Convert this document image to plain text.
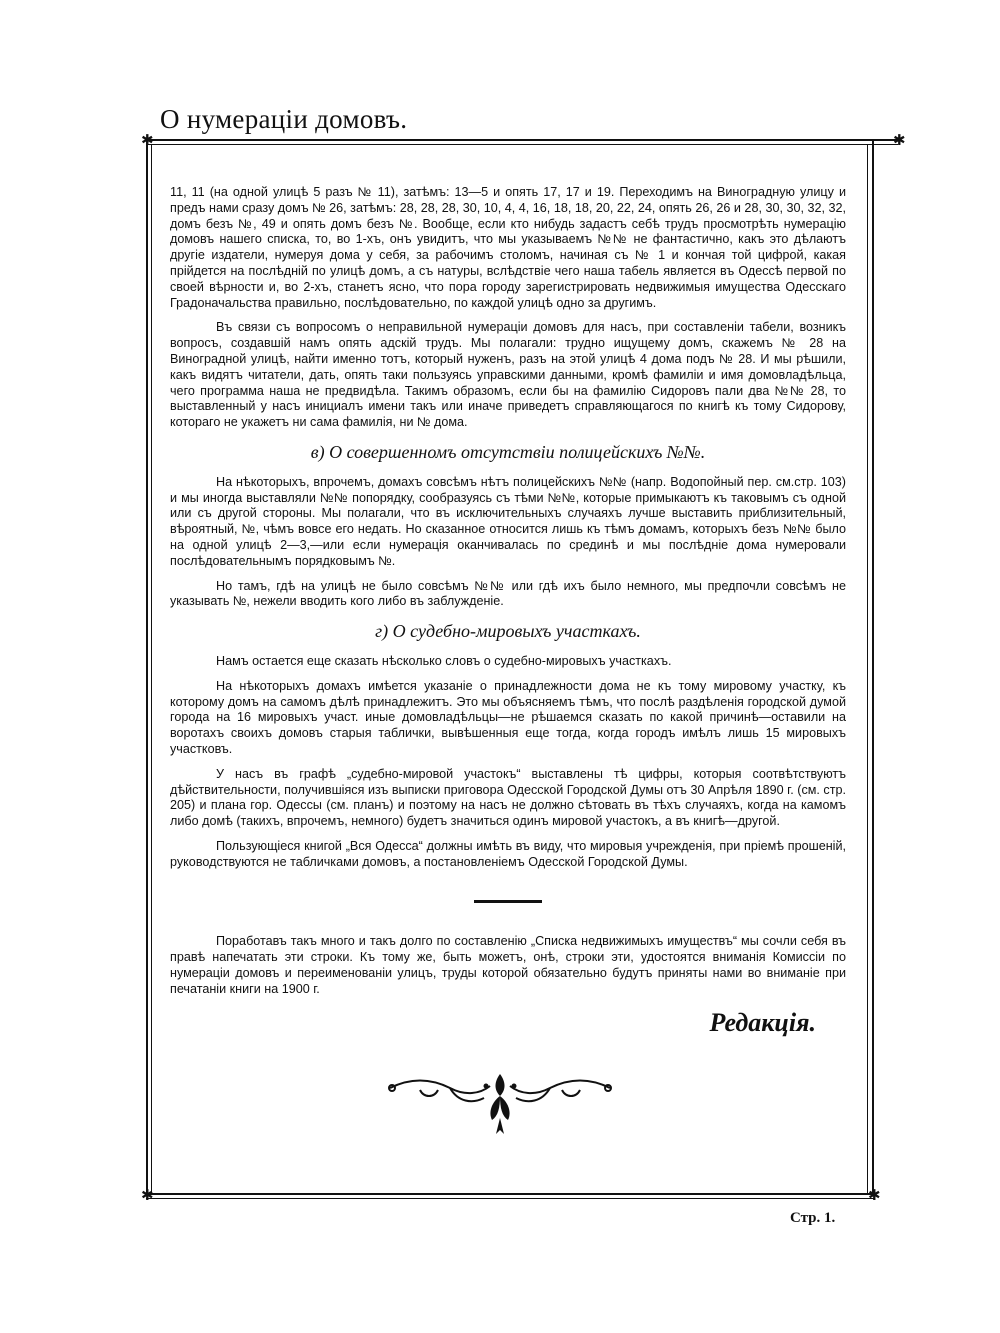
О нумераціи домовъ.
✱	✱
✱	✱

11, 11 (на одной улицѣ 5 разъ № 11), затѣмъ: 13—5 и опять 17, 17 и 19. Переходимъ на Виноградную улицу и предъ нами сразу домъ № 26, затѣмъ: 28, 28, 28, 30, 10, 4, 4, 16, 18, 18, 20, 22, 24, опять 26, 26 и 28, 30, 30, 32, 32, домъ безъ №, 49 и опять домъ безъ №. Вообще, если кто нибудь задастъ себѣ трудъ просмотрѣть нумерацію домовъ нашего списка, то, во 1-хъ, онъ увидитъ, что мы указываемъ №№ не фантастично, какъ это дѣлаютъ другіе издатели, нумеруя дома у себя, за рабочимъ столомъ, начиная съ № 1 и кончая той цифрой, какая прійдется на послѣдній по улицѣ домъ, а съ натуры, вслѣдствіе чего наша табель является въ Одессѣ первой по своей вѣрности и, во 2-хъ, станетъ ясно, что пора городу зарегистрировать недвижимыя имущества Одесскаго Градоначальства правильно, послѣдовательно, по каждой улицѣ одно за другимъ.

Въ связи съ вопросомъ о неправильной нумераціи домовъ для насъ, при составленіи табели, возникъ вопросъ, создавшій намъ опять адскій трудъ. Мы полагали: трудно ищущему домъ, скажемъ № 28 на Виноградной улицѣ, найти именно тотъ, который нуженъ, разъ на этой улицѣ 4 дома подъ № 28. И мы рѣшили, какъ видятъ читатели, дать, опять таки пользуясь управскими данными, кромѣ фамиліи и имя домовладѣльца, чего программа наша не предвидѣла. Такимъ образомъ, если бы на фамилію Сидоровъ пали два №№ 28, то выставленный у насъ инициалъ имени такъ или иначе приведетъ справляющагося по книгѣ къ тому Сидорову, котораго не укажетъ ни сама фамилія, ни № дома.

в) О совершенномъ отсутствіи полицейскихъ №№.

На нѣкоторыхъ, впрочемъ, домахъ совсѣмъ нѣтъ полицейскихъ №№ (напр. Водопойный пер. см.стр. 103) и мы иногда выставляли №№ попорядку, сообразуясь съ тѣми №№, которые примыкаютъ къ таковымъ съ одной или съ другой стороны. Мы полагали, что въ исключительныхъ случаяхъ лучше выставить приблизительный, вѣроятный, №, чѣмъ вовсе его недать. Но сказанное относится лишь къ тѣмъ домамъ, которыхъ безъ №№ было на одной улицѣ 2—3,—или если нумерація оканчивалась по срединѣ и мы послѣдніе дома нумеровали послѣдовательнымъ порядковымъ №.

Но тамъ, гдѣ на улицѣ не было совсѣмъ №№ или гдѣ ихъ было немного, мы предпочли совсѣмъ не указывать №, нежели вводить кого либо въ заблужденіе.

г) О судебно-мировыхъ участкахъ.

Намъ остается еще сказать нѣсколько словъ о судебно-мировыхъ участкахъ.

На нѣкоторыхъ домахъ имѣется указаніе о принадлежности дома не къ тому мировому участку, къ которому домъ на самомъ дѣлѣ принадлежитъ. Это мы объясняемъ тѣмъ, что послѣ раздѣленія городской думой города на 16 мировыхъ участ. иные домовладѣльцы—не рѣшаемся сказать по какой причинѣ—оставили на воротахъ своихъ домовъ старыя таблички, вывѣшенныя еще тогда, когда городъ имѣлъ лишь 15 мировыхъ участковъ.

У насъ въ графѣ „судебно-мировой участокъ“ выставлены тѣ цифры, которыя соотвѣтствуютъ дѣйствительности, получившіяся изъ выписки приговора Одесской Городской Думы отъ 30 Апрѣля 1890 г. (см. стр. 205) и плана гор. Одессы (см. планъ) и поэтому на насъ не должно сѣтовать въ тѣхъ случаяхъ, когда на камомъ либо домѣ (такихъ, впрочемъ, немного) будетъ значиться одинъ мировой участокъ, а въ книгѣ—другой.

Пользующіеся книгой „Вся Одесса“ должны имѣть въ виду, что мировыя учрежденія, при пріемѣ прошеній, руководствуются не табличками домовъ, а постановленіемъ Одесской Городской Думы.

Поработавъ такъ много и такъ долго по составленію „Списка недвижимыхъ имуществъ“ мы сочли себя въ правѣ напечатать эти строки. Къ тому же, быть можетъ, онѣ, строки эти, удостоятся вниманія Комиссіи по нумераціи домовъ и переименованіи улицъ, труды которой обязательно будутъ приняты нами во вниманіе при печатаніи книги на 1900 г.

Редакція.
Стр. 1.
